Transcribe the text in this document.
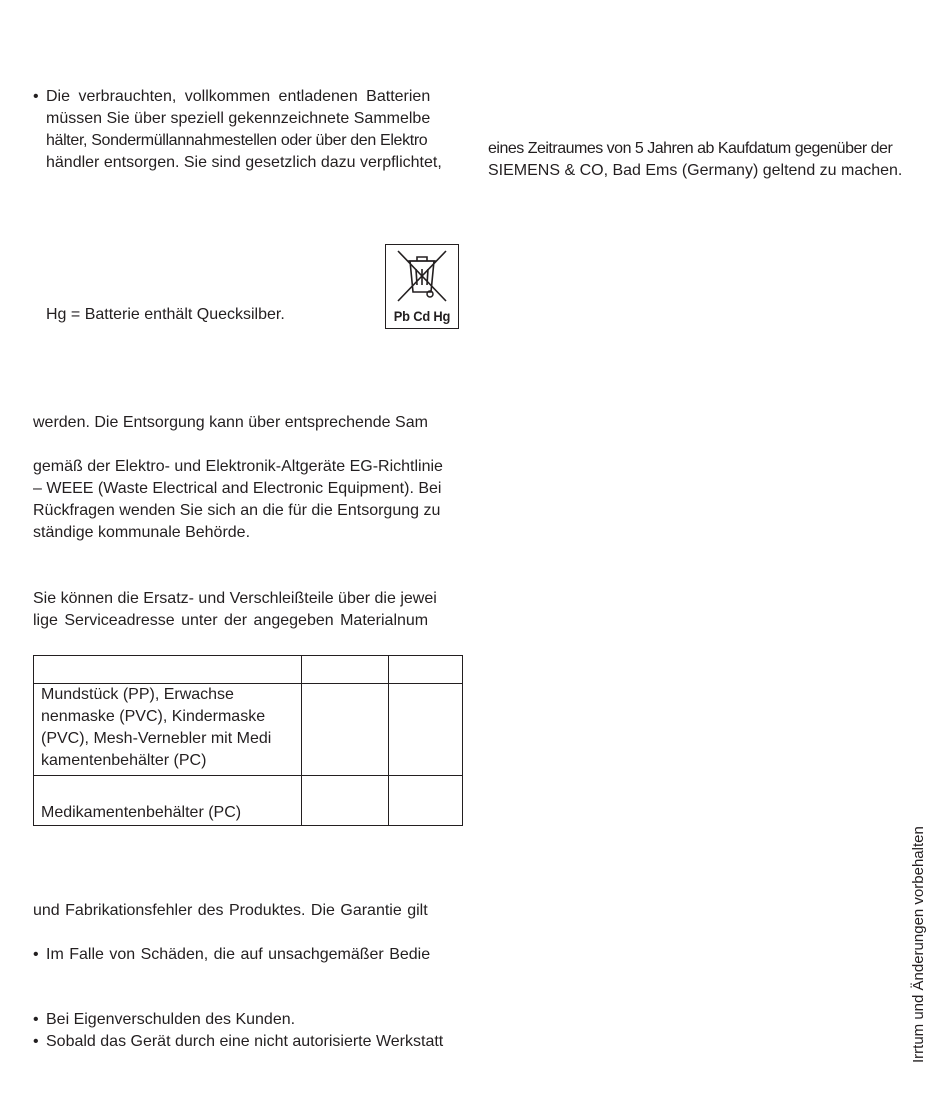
• Die verbrauchten, vollkommen entladenen Batterien
müssen Sie über speziell gekennzeichnete Sammelbe
hälter, Sondermüllannahmestellen oder über den Elektro
händler entsorgen. Sie sind gesetzlich dazu verpflichtet,
eines Zeitraumes von 5 Jahren ab Kaufdatum gegenüber der
SIEMENS & CO, Bad Ems (Germany) geltend zu machen.
Hg = Batterie enthält Quecksilber.	Pb Cd Hg
werden. Die Entsorgung kann über entsprechende Sam
gemäß der Elektro- und Elektronik-Altgeräte EG-Richtlinie
– WEEE (Waste Electrical and Electronic Equipment). Bei
Rückfragen wenden Sie sich an die für die Entsorgung zu
ständige kommunale Behörde.
Sie können die Ersatz- und Verschleißteile über die jewei
lige Serviceadresse unter der angegeben Materialnum

Mundstück (PP), Erwachse
nenmaske (PVC), Kindermaske
(PVC), Mesh-Vernebler mit Medi
kamentenbehälter (PC)		

Medikamentenbehälter (PC)		

und Fabrikationsfehler des Produktes. Die Garantie gilt
• Im Falle von Schäden, die auf unsachgemäßer Bedie
• Bei Eigenverschulden des Kunden.
• Sobald das Gerät durch eine nicht autorisierte Werkstatt	Irrtum und Änderungen vorbehalten
